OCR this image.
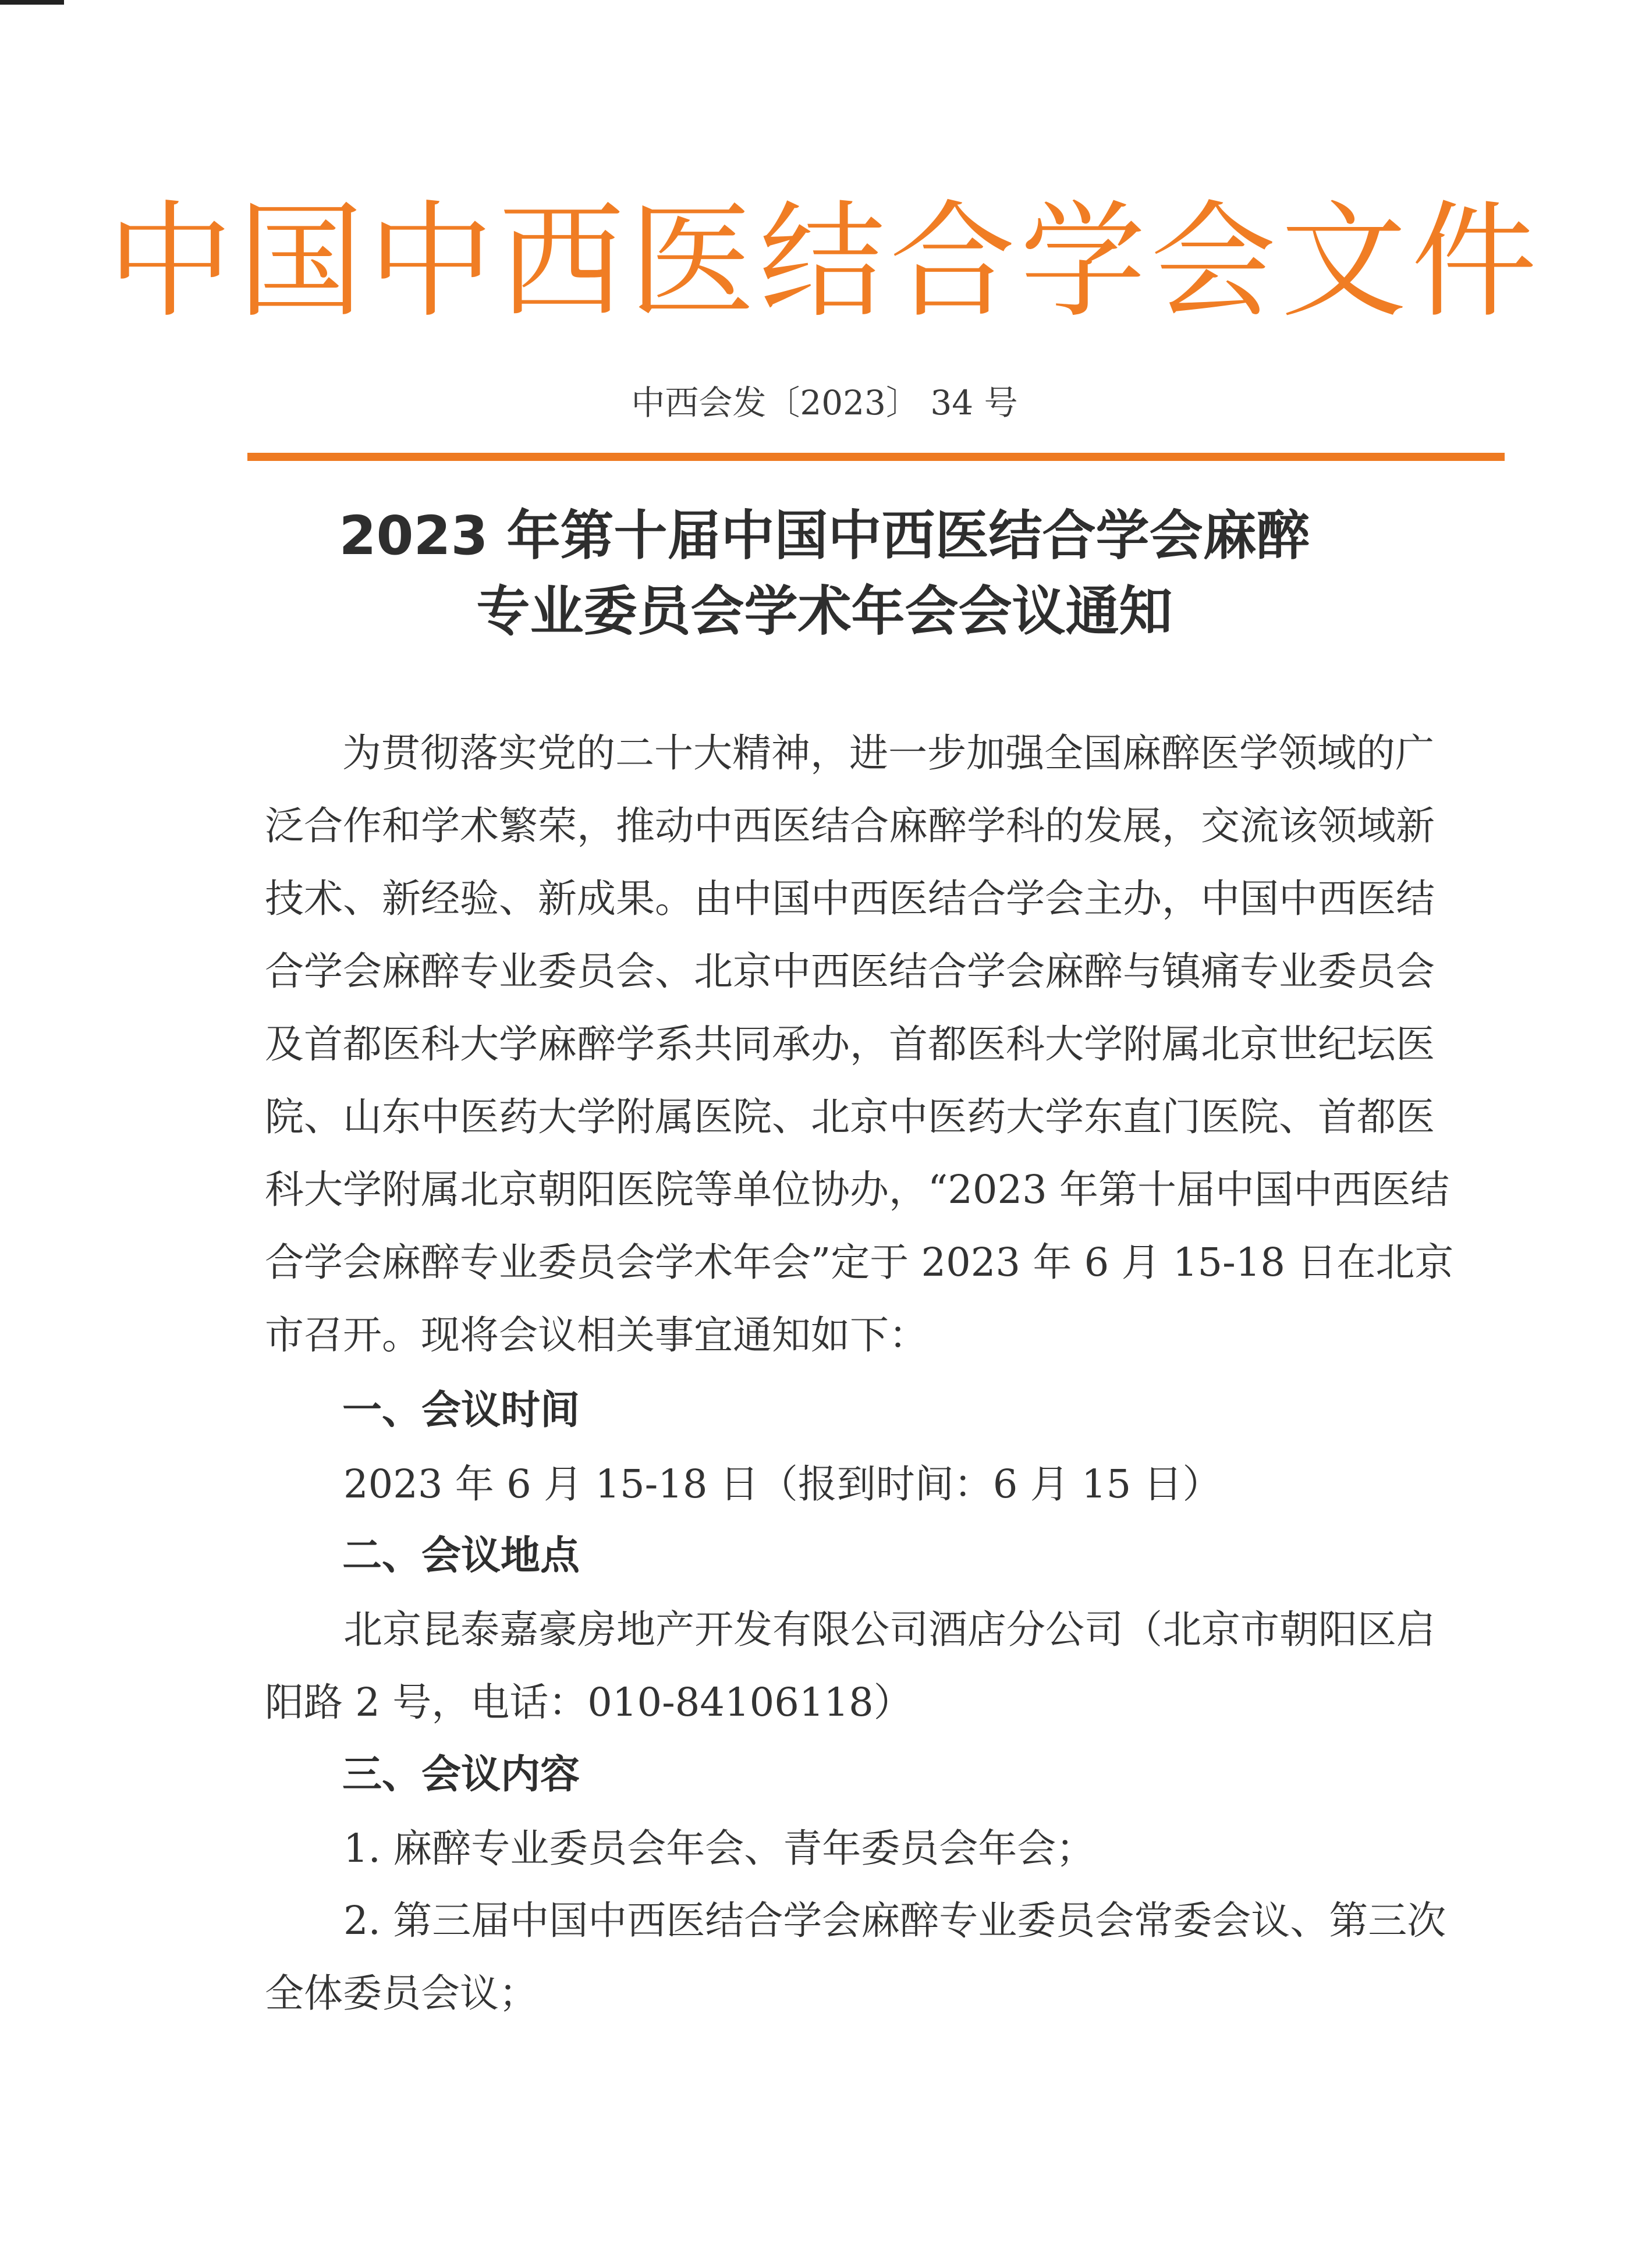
中国中西医结合学会文件
中西会发〔2023〕 34 号
2023 年第十届中国中西医结合学会麻醉
专业委员会学术年会会议通知
为贯彻落实党的二十大精神，进一步加强全国麻醉医学领域的广
泛合作和学术繁荣，推动中西医结合麻醉学科的发展，交流该领域新
技术、新经验、新成果。由中国中西医结合学会主办，中国中西医结
合学会麻醉专业委员会、北京中西医结合学会麻醉与镇痛专业委员会
及首都医科大学麻醉学系共同承办，首都医科大学附属北京世纪坛医
院、山东中医药大学附属医院、北京中医药大学东直门医院、首都医
科大学附属北京朝阳医院等单位协办，“2023 年第十届中国中西医结
合学会麻醉专业委员会学术年会”定于 2023 年 6 月 15-18 日在北京
市召开。现将会议相关事宜通知如下：
一、会议时间
2023 年 6 月 15-18 日（报到时间：6 月 15 日）
二、会议地点
北京昆泰嘉豪房地产开发有限公司酒店分公司（北京市朝阳区启
阳路 2 号，电话：010-84106118）
三、会议内容
1. 麻醉专业委员会年会、青年委员会年会；
2. 第三届中国中西医结合学会麻醉专业委员会常委会议、第三次
全体委员会议；
